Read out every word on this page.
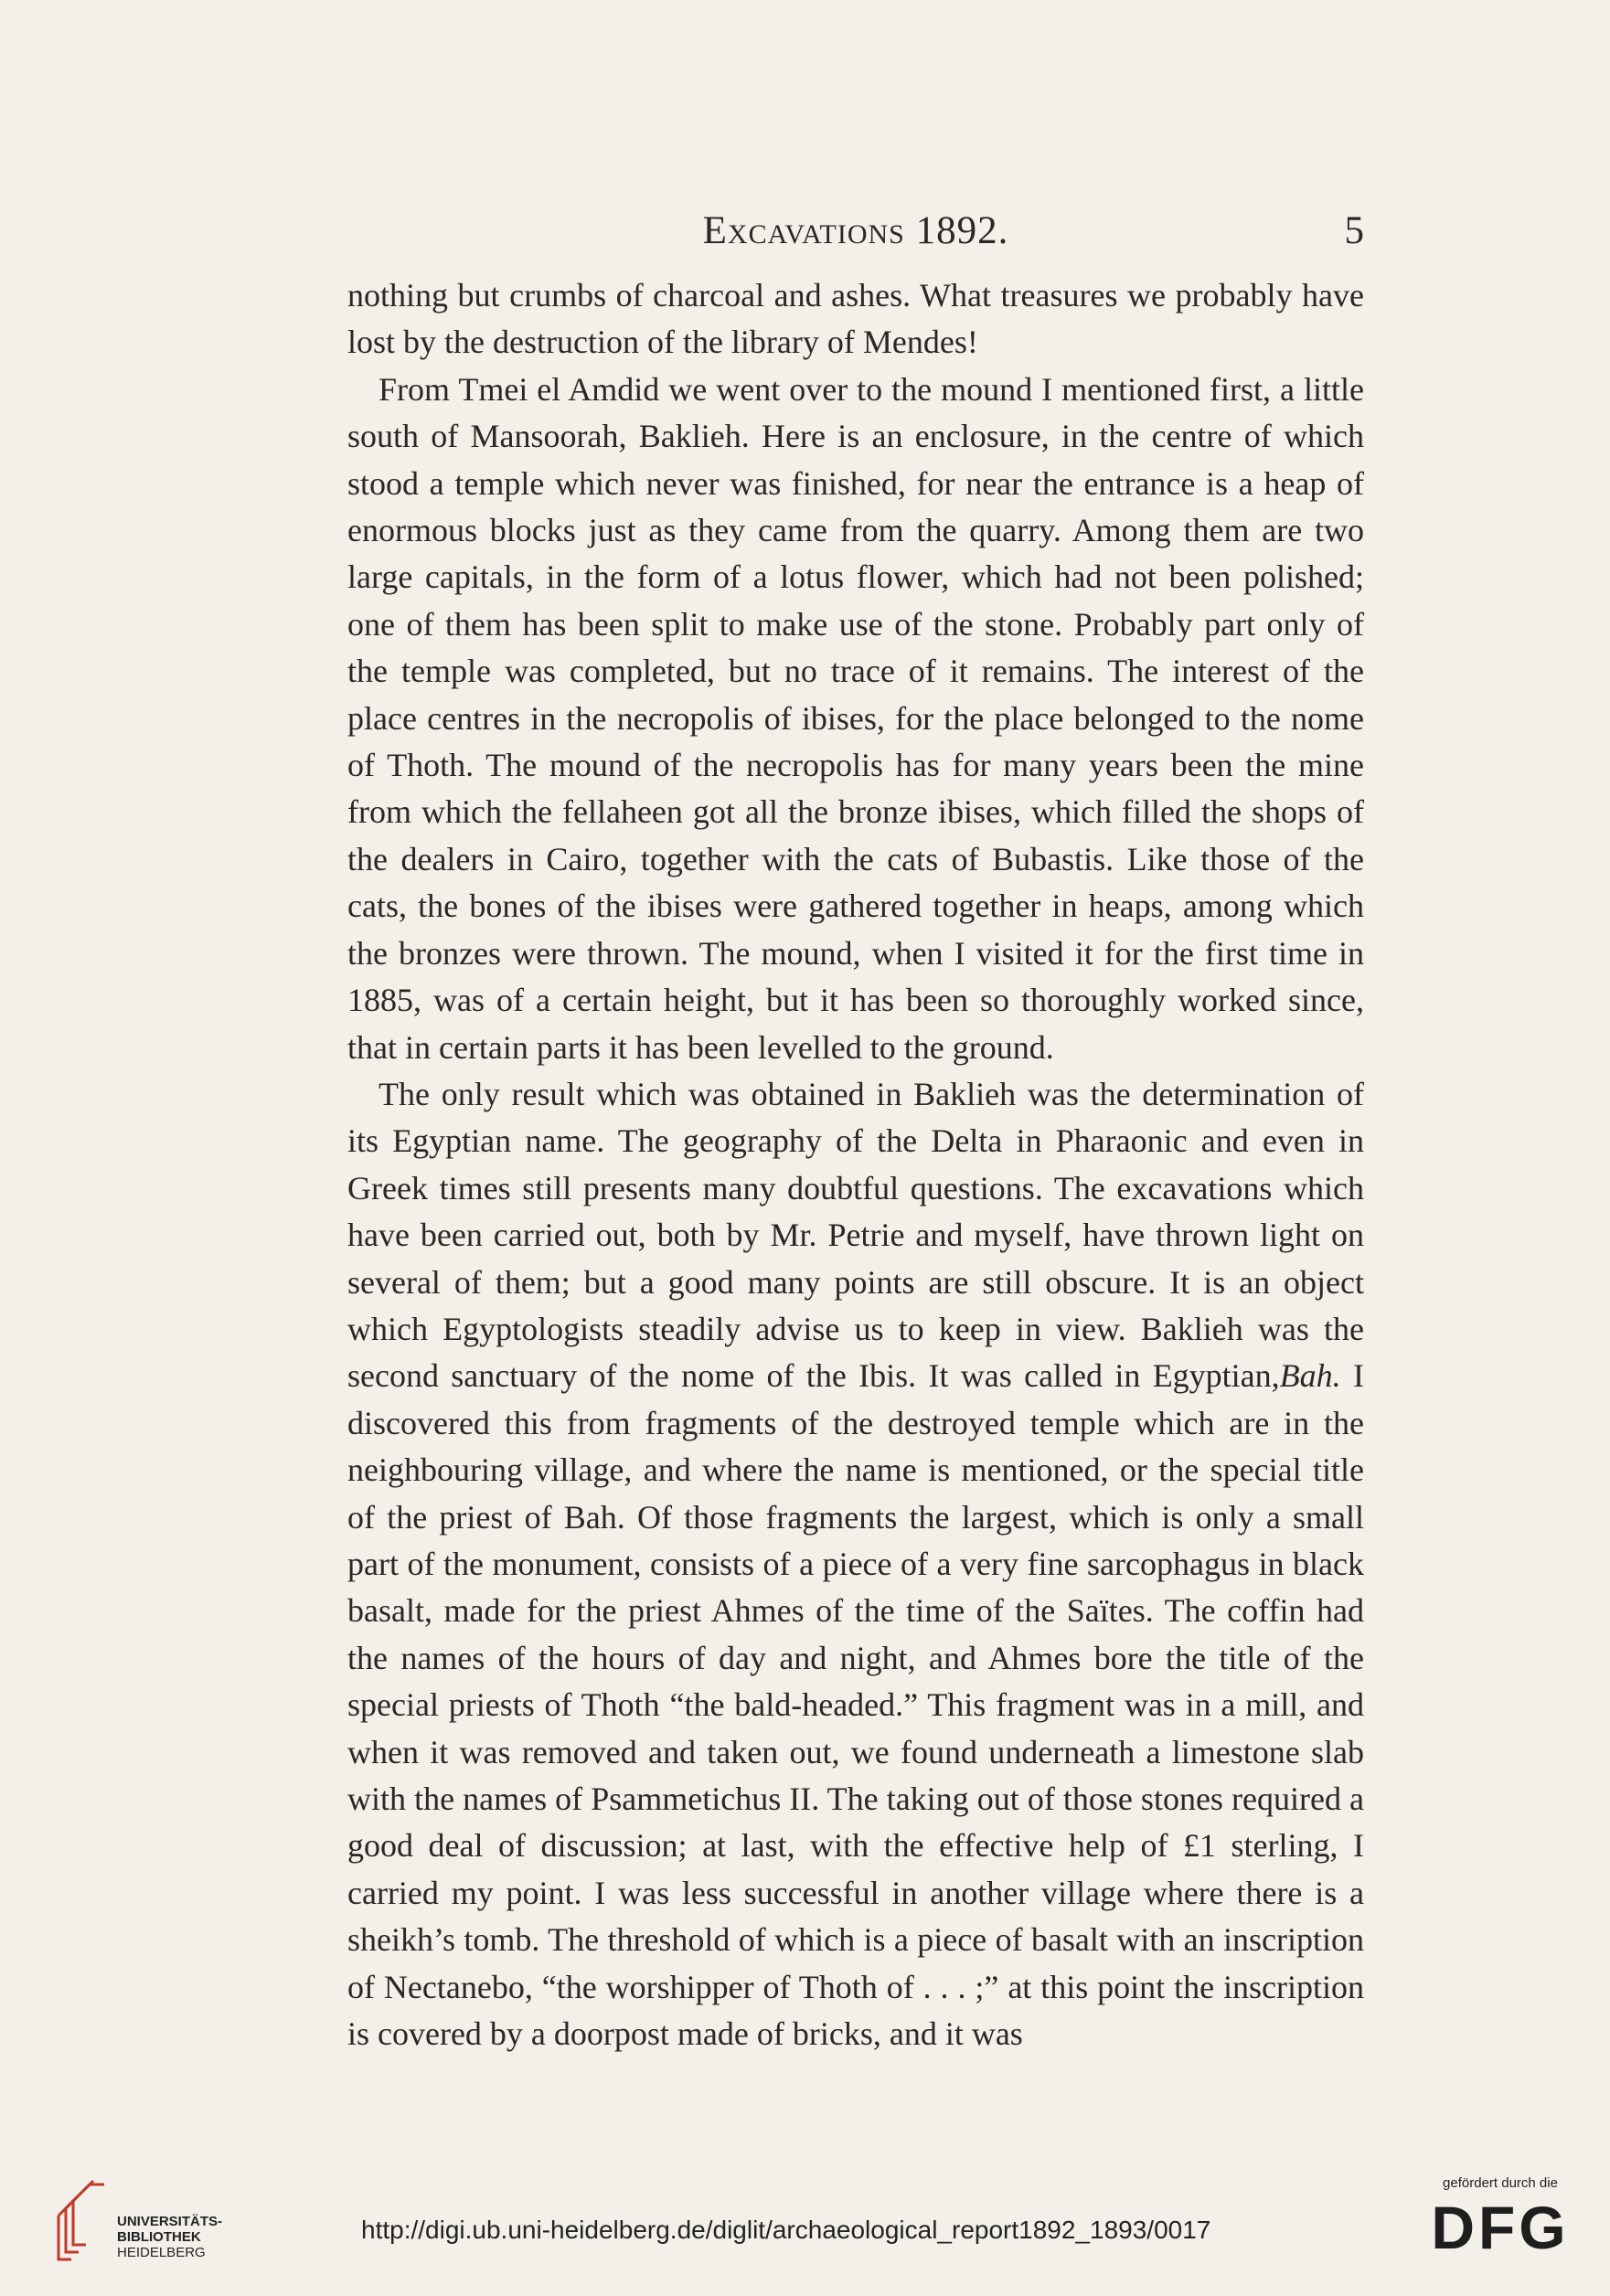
Excavations 1892.	5

nothing but crumbs of charcoal and ashes. What treasures we probably have lost by the destruction of the library of Mendes!

From Tmei el Amdid we went over to the mound I mentioned first, a little south of Mansoorah, Baklieh. Here is an enclosure, in the centre of which stood a temple which never was finished, for near the entrance is a heap of enormous blocks just as they came from the quarry. Among them are two large capitals, in the form of a lotus flower, which had not been polished; one of them has been split to make use of the stone. Probably part only of the temple was completed, but no trace of it remains. The interest of the place centres in the necropolis of ibises, for the place belonged to the nome of Thoth. The mound of the necropolis has for many years been the mine from which the fellaheen got all the bronze ibises, which filled the shops of the dealers in Cairo, together with the cats of Bubastis. Like those of the cats, the bones of the ibises were gathered together in heaps, among which the bronzes were thrown. The mound, when I visited it for the first time in 1885, was of a certain height, but it has been so thoroughly worked since, that in certain parts it has been levelled to the ground.

The only result which was obtained in Baklieh was the determination of its Egyptian name. The geography of the Delta in Pharaonic and even in Greek times still presents many doubtful questions. The excavations which have been carried out, both by Mr. Petrie and myself, have thrown light on several of them; but a good many points are still obscure. It is an object which Egyptologists steadily advise us to keep in view. Baklieh was the second sanctuary of the nome of the Ibis. It was called in Egyptian,Bah. I discovered this from fragments of the destroyed temple which are in the neighbouring village, and where the name is mentioned, or the special title of the priest of Bah. Of those fragments the largest, which is only a small part of the monument, consists of a piece of a very fine sarcophagus in black basalt, made for the priest Ahmes of the time of the Saïtes. The coffin had the names of the hours of day and night, and Ahmes bore the title of the special priests of Thoth “the bald-headed.” This fragment was in a mill, and when it was removed and taken out, we found underneath a limestone slab with the names of Psammetichus II. The taking out of those stones required a good deal of discussion; at last, with the effective help of £1 sterling, I carried my point. I was less successful in another village where there is a sheikh’s tomb. The threshold of which is a piece of basalt with an inscription of Nectanebo, “the worshipper of Thoth of . . . ;” at this point the inscription is covered by a doorpost made of bricks, and it was

UNIVERSITÄTS-
BIBLIOTHEK
HEIDELBERG
http://digi.ub.uni-heidelberg.de/diglit/archaeological_report1892_1893/0017
gefördert durch die
DFG
